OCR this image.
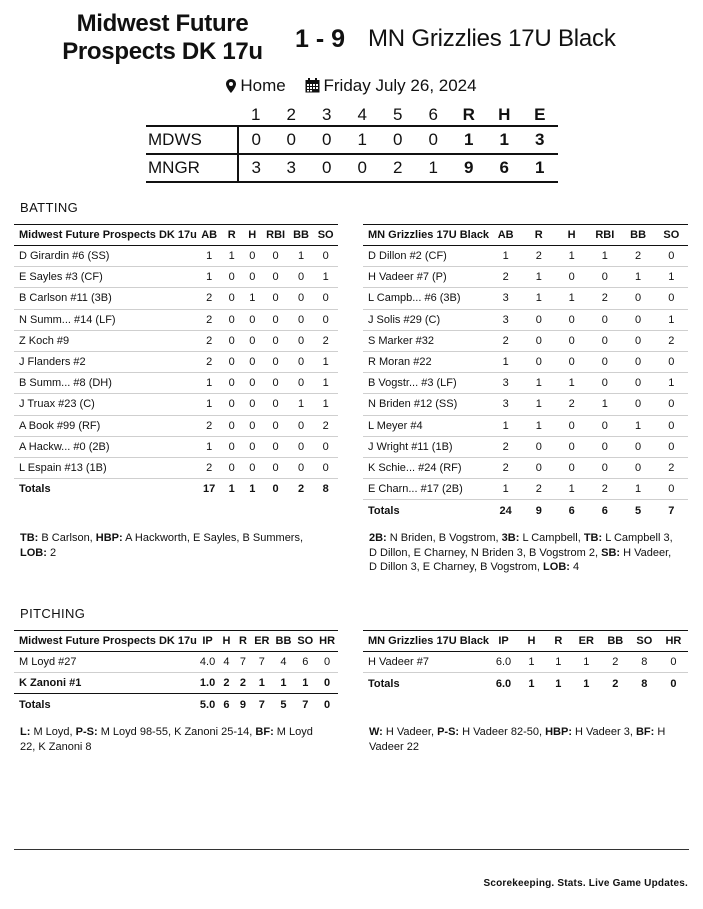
Midwest Future Prospects DK 17u	1 - 9 MN Grizzlies 17U Black
Home Friday July 26, 2024
	1	2	3	4	5	6	R	H	E
MDWS	0	0	0	1	0	0	1	1	3
MNGR	3	3	0	0	2	1	9	6	1
BATTING
Midwest Future Prospects DK 17u	AB	R	H	RBI	BB	SO
D Girardin #6 (SS)	1	1	0	0	1	0
E Sayles #3 (CF)	1	0	0	0	0	1
B Carlson #11 (3B)	2	0	1	0	0	0
N Summ... #14 (LF)	2	0	0	0	0	0
Z Koch #9	2	0	0	0	0	2
J Flanders #2	2	0	0	0	0	1
B Summ... #8 (DH)	1	0	0	0	0	1
J Truax #23 (C)	1	0	0	0	1	1
A Book #99 (RF)	2	0	0	0	0	2
A Hackw... #0 (2B)	1	0	0	0	0	0
L Espain #13 (1B)	2	0	0	0	0	0
Totals	17	1	1	0	2	8
MN Grizzlies 17U Black	AB	R	H	RBI	BB	SO
D Dillon #2 (CF)	1	2	1	1	2	0
H Vadeer #7 (P)	2	1	0	0	1	1
L Campb... #6 (3B)	3	1	1	2	0	0
J Solis #29 (C)	3	0	0	0	0	1
S Marker #32	2	0	0	0	0	2
R Moran #22	1	0	0	0	0	0
B Vogstr... #3 (LF)	3	1	1	0	0	1
N Briden #12 (SS)	3	1	2	1	0	0
L Meyer #4	1	1	0	0	1	0
J Wright #11 (1B)	2	0	0	0	0	0
K Schie... #24 (RF)	2	0	0	0	0	2
E Charn... #17 (2B)	1	2	1	2	1	0
Totals	24	9	6	6	5	7
TB: B Carlson, HBP: A Hackworth, E Sayles, B Summers, LOB: 2
2B: N Briden, B Vogstrom, 3B: L Campbell, TB: L Campbell 3, D Dillon, E Charney, N Briden 3, B Vogstrom 2, SB: H Vadeer, D Dillon 3, E Charney, B Vogstrom, LOB: 4
PITCHING
Midwest Future Prospects DK 17u	IP	H	R	ER	BB	SO	HR
M Loyd #27	4.0	4	7	7	4	6	0
K Zanoni #1	1.0	2	2	1	1	1	0
Totals	5.0	6	9	7	5	7	0
MN Grizzlies 17U Black	IP	H	R	ER	BB	SO	HR
H Vadeer #7	6.0	1	1	1	2	8	0
Totals	6.0	1	1	1	2	8	0
L: M Loyd, P-S: M Loyd 98-55, K Zanoni 25-14, BF: M Loyd 22, K Zanoni 8
W: H Vadeer, P-S: H Vadeer 82-50, HBP: H Vadeer 3, BF: H Vadeer 22
Scorekeeping. Stats. Live Game Updates.
